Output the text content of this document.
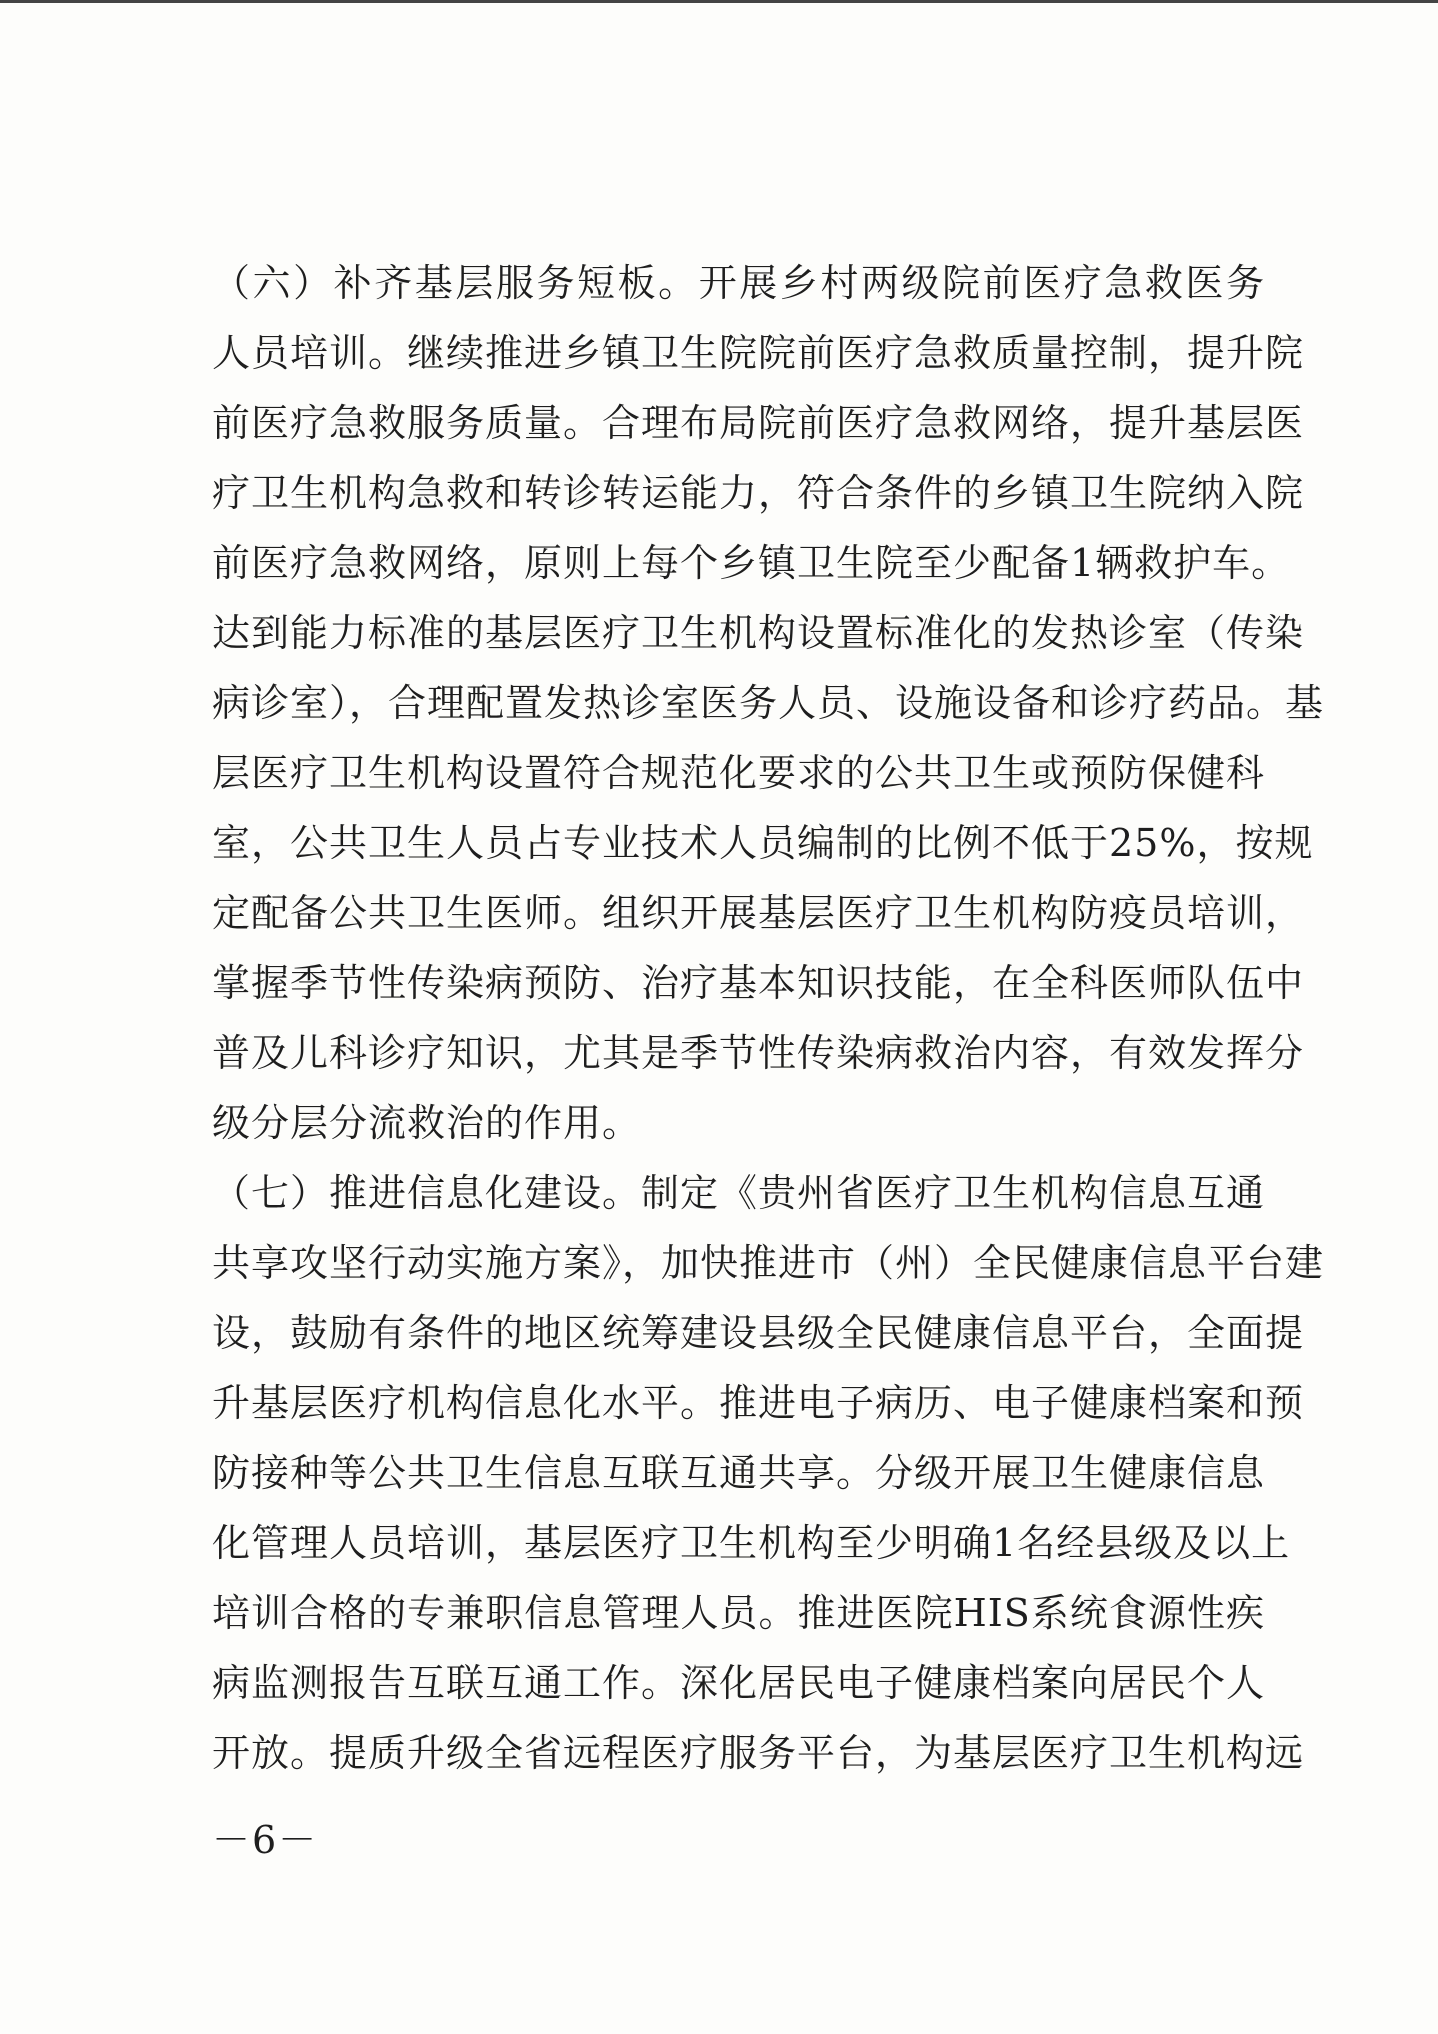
（六）补齐基层服务短板。开展乡村两级院前医疗急救医务
人员培训。继续推进乡镇卫生院院前医疗急救质量控制，提升院
前医疗急救服务质量。合理布局院前医疗急救网络，提升基层医
疗卫生机构急救和转诊转运能力，符合条件的乡镇卫生院纳入院
前医疗急救网络，原则上每个乡镇卫生院至少配备1辆救护车。
达到能力标准的基层医疗卫生机构设置标准化的发热诊室（传染
病诊室），合理配置发热诊室医务人员、设施设备和诊疗药品。基
层医疗卫生机构设置符合规范化要求的公共卫生或预防保健科
室，公共卫生人员占专业技术人员编制的比例不低于25%，按规
定配备公共卫生医师。组织开展基层医疗卫生机构防疫员培训，
掌握季节性传染病预防、治疗基本知识技能，在全科医师队伍中
普及儿科诊疗知识，尤其是季节性传染病救治内容，有效发挥分
级分层分流救治的作用。
（七）推进信息化建设。制定《贵州省医疗卫生机构信息互通
共享攻坚行动实施方案》，加快推进市（州）全民健康信息平台建
设，鼓励有条件的地区统筹建设县级全民健康信息平台，全面提
升基层医疗机构信息化水平。推进电子病历、电子健康档案和预
防接种等公共卫生信息互联互通共享。分级开展卫生健康信息
化管理人员培训，基层医疗卫生机构至少明确1名经县级及以上
培训合格的专兼职信息管理人员。推进医院HIS系统食源性疾
病监测报告互联互通工作。深化居民电子健康档案向居民个人
开放。提质升级全省远程医疗服务平台，为基层医疗卫生机构远
－6－
